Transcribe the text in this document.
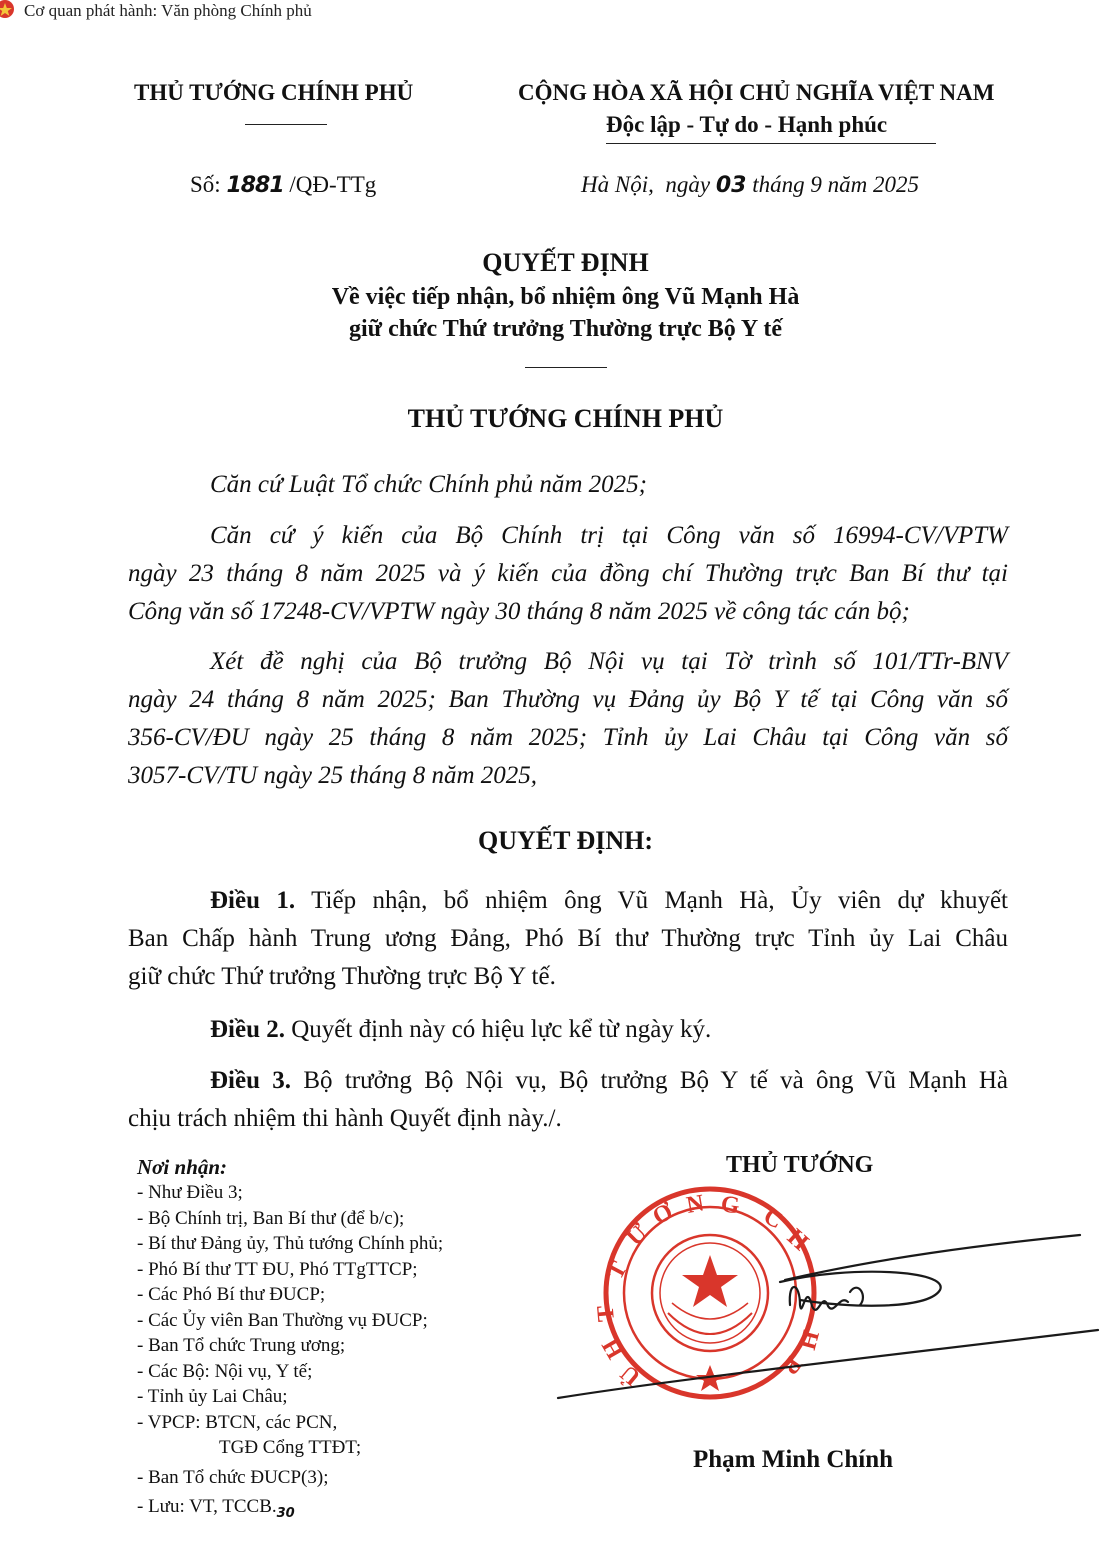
Cơ quan phát hành: Văn phòng Chính phủ
THỦ TƯỚNG CHÍNH PHỦ	CỘNG HÒA XÃ HỘI CHỦ NGHĨA VIỆT NAM
Độc lập - Tự do - Hạnh phúc
Số: 1881 /QĐ-TTg	Hà Nội,  ngày 03 tháng 9 năm 2025
QUYẾT ĐỊNH
Về việc tiếp nhận, bổ nhiệm ông Vũ Mạnh Hà
giữ chức Thứ trưởng Thường trực Bộ Y tế
THỦ TƯỚNG CHÍNH PHỦ
Căn cứ Luật Tổ chức Chính phủ năm 2025;
Căn cứ ý kiến của Bộ Chính trị tại Công văn số 16994-CV/VPTW
ngày 23 tháng 8 năm 2025 và ý kiến của đồng chí Thường trực Ban Bí thư tại
Công văn số 17248-CV/VPTW ngày 30 tháng 8 năm 2025 về công tác cán bộ;
Xét đề nghị của Bộ trưởng Bộ Nội vụ tại Tờ trình số 101/TTr-BNV
ngày 24 tháng 8 năm 2025; Ban Thường vụ Đảng ủy Bộ Y tế tại Công văn số
356-CV/ĐU ngày 25 tháng 8 năm 2025; Tỉnh ủy Lai Châu tại Công văn số
3057-CV/TU ngày 25 tháng 8 năm 2025,
QUYẾT ĐỊNH:
Điều 1. Tiếp nhận, bổ nhiệm ông Vũ Mạnh Hà, Ủy viên dự khuyết
Ban Chấp hành Trung ương Đảng, Phó Bí thư Thường trực Tỉnh ủy Lai Châu
giữ chức Thứ trưởng Thường trực Bộ Y tế.
Điều 2. Quyết định này có hiệu lực kể từ ngày ký.
Điều 3. Bộ trưởng Bộ Nội vụ, Bộ trưởng Bộ Y tế và ông Vũ Mạnh Hà
chịu trách nhiệm thi hành Quyết định này./.
Nơi nhận:
- Như Điều 3;
- Bộ Chính trị, Ban Bí thư (để b/c);
- Bí thư Đảng ủy, Thủ tướng Chính phủ;
- Phó Bí thư TT ĐU, Phó TTgTTCP;
- Các Phó Bí thư ĐUCP;
- Các Ủy viên Ban Thường vụ ĐUCP;
- Ban Tổ chức Trung ương;
- Các Bộ: Nội vụ, Y tế;
- Tỉnh ủy Lai Châu;
- VPCP: BTCN, các PCN,
TGĐ Cổng TTĐT;
- Ban Tổ chức ĐUCP(3);
- Lưu: VT, $TCCB._{30}$
THỦ TƯỚNG
T
Ư
Ớ N G C
H
T
H
Ủ	P
H
Phạm Minh Chính
